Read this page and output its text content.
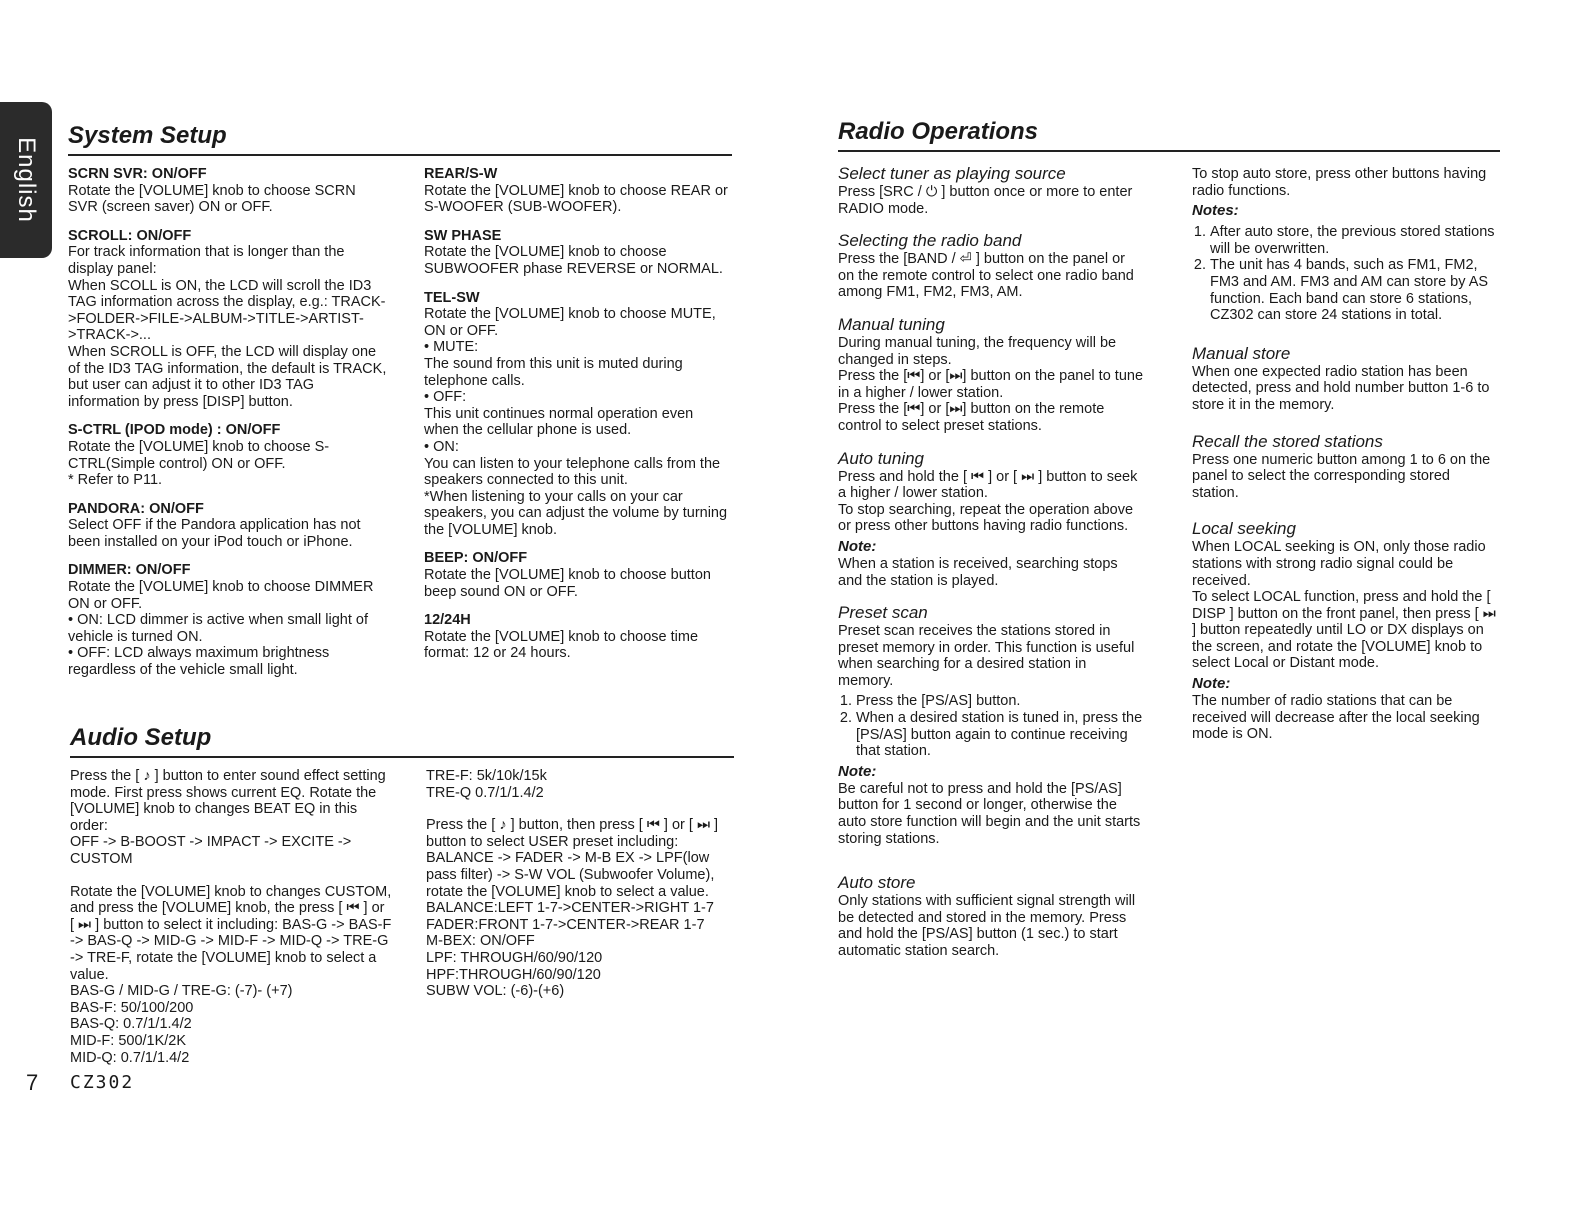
English
System Setup

SCRN SVR: ON/OFF

Rotate the [VOLUME] knob to choose SCRN SVR (screen saver) ON or OFF.

SCROLL: ON/OFF

For track information that is longer than the display panel:

When SCOLL is ON, the LCD will scroll the ID3 TAG information across the display, e.g.: TRACK->FOLDER->FILE->ALBUM->TITLE->ARTIST->TRACK->...

When SCROLL is OFF, the LCD will display one of the ID3 TAG information, the default is TRACK, but user can adjust it to other ID3 TAG information by press [DISP] button.

S-CTRL (IPOD mode) : ON/OFF

Rotate the [VOLUME] knob to choose S-CTRL(Simple control) ON or OFF.

* Refer to P11.

PANDORA: ON/OFF

Select OFF if the Pandora application has not been installed on your iPod touch or iPhone.

DIMMER: ON/OFF

Rotate the [VOLUME] knob to choose DIMMER ON or OFF.

• ON: LCD dimmer is active when small light of vehicle is turned ON.

• OFF: LCD always maximum brightness regardless of the vehicle small light.

REAR/S-W

Rotate the [VOLUME] knob to choose REAR or S-WOOFER (SUB-WOOFER).

SW PHASE

Rotate the [VOLUME] knob to choose SUBWOOFER phase REVERSE or NORMAL.

TEL-SW

Rotate the [VOLUME] knob to choose MUTE, ON or OFF.

• MUTE:

The sound from this unit is muted during telephone calls.

• OFF:

This unit continues normal operation even when the cellular phone is used.

• ON:

You can listen to your telephone calls from the speakers connected to this unit.

*When listening to your calls on your car speakers, you can adjust the volume by turning the [VOLUME] knob.

BEEP: ON/OFF

Rotate the [VOLUME] knob to choose button beep sound ON or OFF.

12/24H

Rotate the [VOLUME] knob to choose time format: 12 or 24 hours.

Audio Setup

Press the [ ♪ ] button to enter sound effect setting mode. First press shows current EQ. Rotate the [VOLUME] knob to changes BEAT EQ in this order:

OFF -> B-BOOST -> IMPACT -> EXCITE -> CUSTOM

Rotate the [VOLUME] knob to changes CUSTOM, and press the [VOLUME] knob, the press [ ⏮ ] or [ ⏭ ] button to select it including: BAS-G -> BAS-F -> BAS-Q -> MID-G -> MID-F -> MID-Q -> TRE-G -> TRE-F, rotate the [VOLUME] knob to select a value.

BAS-G / MID-G / TRE-G: (-7)- (+7)

BAS-F: 50/100/200

BAS-Q: 0.7/1/1.4/2

MID-F: 500/1K/2K

MID-Q: 0.7/1/1.4/2

TRE-F: 5k/10k/15k

TRE-Q 0.7/1/1.4/2

Press the [ ♪ ] button, then press [ ⏮ ] or [ ⏭ ] button to select USER preset including:

BALANCE -> FADER -> M-B EX -> LPF(low pass filter) -> S-W VOL (Subwoofer Volume), rotate the [VOLUME] knob to select a value.

BALANCE:LEFT 1-7->CENTER->RIGHT 1-7

FADER:FRONT 1-7->CENTER->REAR 1-7

M-BEX: ON/OFF

LPF: THROUGH/60/90/120

HPF:THROUGH/60/90/120

SUBW VOL: (-6)-(+6)

Radio Operations

Select tuner as playing source

Press [SRC / ⏻ ] button once or more to enter RADIO mode.

Selecting the radio band

Press the [BAND / ⏎ ] button on the panel or on the remote control to select one radio band among FM1, FM2, FM3, AM.

Manual tuning

During manual tuning, the frequency will be changed in steps.

Press the [⏮] or [⏭] button on the panel to tune in a higher / lower station.

Press the [⏮] or [⏭] button on the remote control to select preset stations.

Auto tuning

Press and hold the [ ⏮ ] or [ ⏭ ] button to seek a higher / lower station.

To stop searching, repeat the operation above or press other buttons having radio functions.

Note:

When a station is received, searching stops and the station is played.

Preset scan

Preset scan receives the stations stored in preset memory in order. This function is useful when searching for a desired station in memory.

1. Press the [PS/AS] button.
2. When a desired station is tuned in, press the [PS/AS] button again to continue receiving that station.

Note:

Be careful not to press and hold the [PS/AS] button for 1 second or longer, otherwise the auto store function will begin and the unit starts storing stations.

Auto store

Only stations with sufficient signal strength will be detected and stored in the memory. Press and hold the [PS/AS] button (1 sec.) to start automatic station search.

To stop auto store, press other buttons having radio functions.

Notes:

1. After auto store, the previous stored stations will be overwritten.
2. The unit has 4 bands, such as FM1, FM2, FM3 and AM. FM3 and AM can store by AS function. Each band can store 6 stations, CZ302 can store 24 stations in total.

Manual store

When one expected radio station has been detected, press and hold number button 1-6 to store it in the memory.

Recall the stored stations

Press one numeric button among 1 to 6 on the panel to select the corresponding stored station.

Local seeking

When LOCAL seeking is ON, only those radio stations with strong radio signal could be received.

To select LOCAL function, press and hold the [ DISP ] button on the front panel, then press [ ⏭ ] button repeatedly until LO or DX displays on the screen, and rotate the [VOLUME] knob to select Local or Distant mode.

Note:

The number of radio stations that can be received will decrease after the local seeking mode is ON.

7 CZ302
